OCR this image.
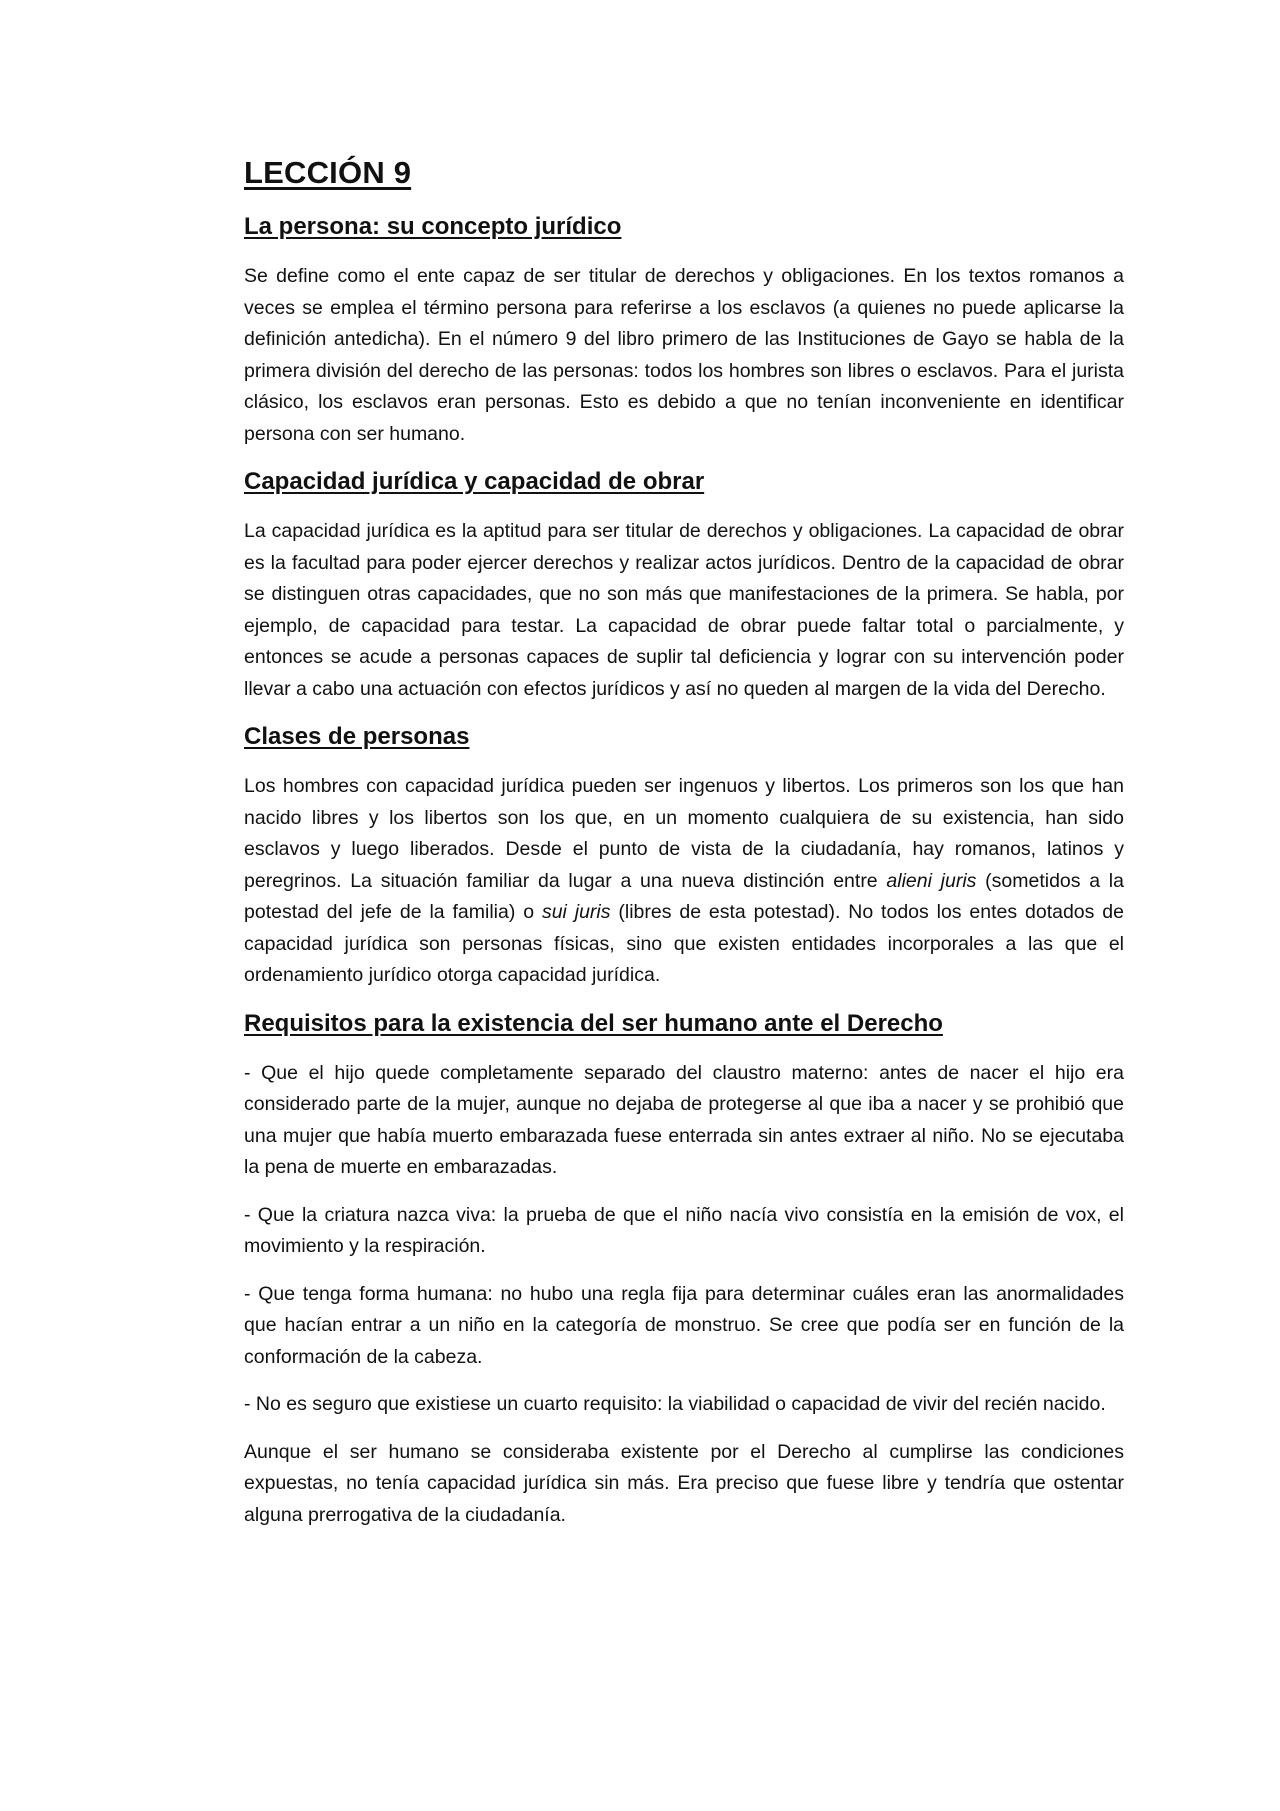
LECCIÓN 9
La persona: su concepto jurídico

Se define como el ente capaz de ser titular de derechos y obligaciones. En los textos romanos a veces se emplea el término persona para referirse a los esclavos (a quienes no puede aplicarse la definición antedicha). En el número 9 del libro primero de las Instituciones de Gayo se habla de la primera división del derecho de las personas: todos los hombres son libres o esclavos. Para el jurista clásico, los esclavos eran personas. Esto es debido a que no tenían inconveniente en identificar persona con ser humano.

Capacidad jurídica y capacidad de obrar

La capacidad jurídica es la aptitud para ser titular de derechos y obligaciones. La capacidad de obrar es la facultad para poder ejercer derechos y realizar actos jurídicos. Dentro de la capacidad de obrar se distinguen otras capacidades, que no son más que manifestaciones de la primera. Se habla, por ejemplo, de capacidad para testar. La capacidad de obrar puede faltar total o parcialmente, y entonces se acude a personas capaces de suplir tal deficiencia y lograr con su intervención poder llevar a cabo una actuación con efectos jurídicos y así no queden al margen de la vida del Derecho.

Clases de personas

Los hombres con capacidad jurídica pueden ser ingenuos y libertos. Los primeros son los que han nacido libres y los libertos son los que, en un momento cualquiera de su existencia, han sido esclavos y luego liberados. Desde el punto de vista de la ciudadanía, hay romanos, latinos y peregrinos. La situación familiar da lugar a una nueva distinción entre alieni juris (sometidos a la potestad del jefe de la familia) o sui juris (libres de esta potestad). No todos los entes dotados de capacidad jurídica son personas físicas, sino que existen entidades incorporales a las que el ordenamiento jurídico otorga capacidad jurídica.

Requisitos para la existencia del ser humano ante el Derecho

- Que el hijo quede completamente separado del claustro materno: antes de nacer el hijo era considerado parte de la mujer, aunque no dejaba de protegerse al que iba a nacer y se prohibió que una mujer que había muerto embarazada fuese enterrada sin antes extraer al niño. No se ejecutaba la pena de muerte en embarazadas.

- Que la criatura nazca viva: la prueba de que el niño nacía vivo consistía en la emisión de vox, el movimiento y la respiración.

- Que tenga forma humana: no hubo una regla fija para determinar cuáles eran las anormalidades que hacían entrar a un niño en la categoría de monstruo. Se cree que podía ser en función de la conformación de la cabeza.

- No es seguro que existiese un cuarto requisito: la viabilidad o capacidad de vivir del recién nacido.

Aunque el ser humano se consideraba existente por el Derecho al cumplirse las condiciones expuestas, no tenía capacidad jurídica sin más. Era preciso que fuese libre y tendría que ostentar alguna prerrogativa de la ciudadanía.
